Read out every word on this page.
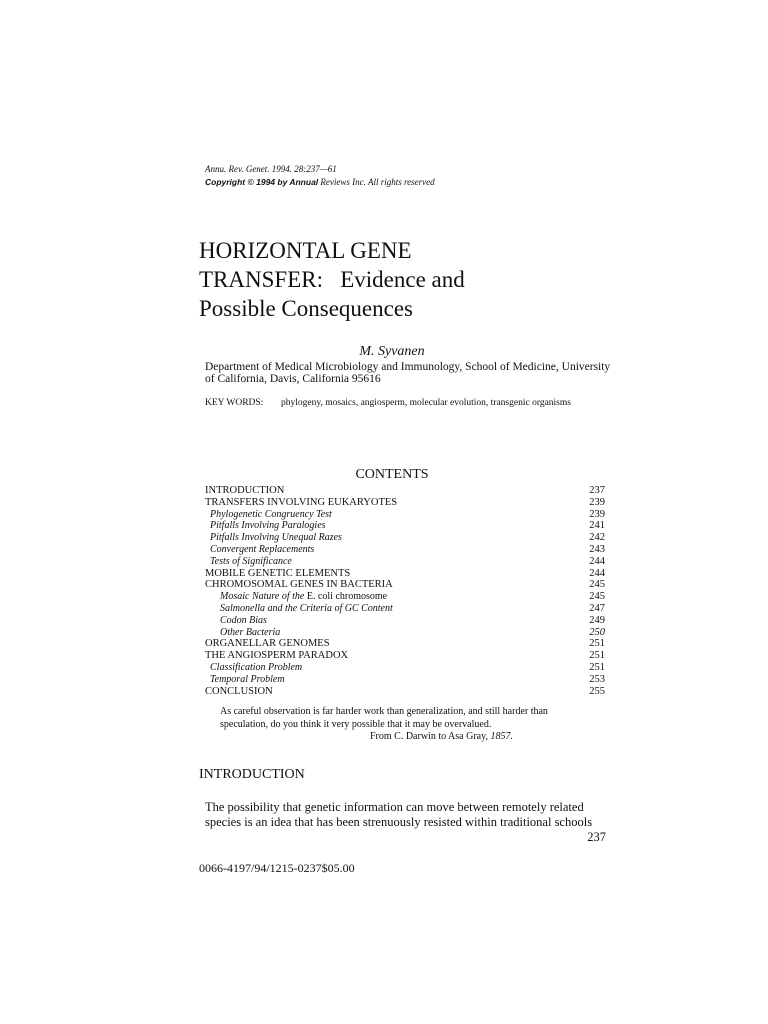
Annu. Rev. Genet. 1994. 28:237—61
Copyright © 1994 by Annual Reviews Inc. All rights reserved
HORIZONTAL GENE
TRANSFER:   Evidence and
Possible Consequences
M. Syvanen
Department of Medical Microbiology and Immunology, School of Medicine, University of California, Davis, California 95616
KEY WORDS: phylogeny, mosaics, angiosperm, molecular evolution, transgenic organisms
CONTENTS
INTRODUCTION	237
TRANSFERS INVOLVING EUKARYOTES	239
Phylogenetic Congruency Test	239
Pitfalls Involving Paralogies	241
Pitfalls Involving Unequal Razes	242
Convergent Replacements	243
Tests of Significance	244
MOBILE GENETIC ELEMENTS	244
CHROMOSOMAL GENES IN BACTERIA	245
Mosaic Nature of the E. coli chromosome	245
Salmonella and the Criteria of GC Content	247
Codon Bias	249
Other Bacteria	250
ORGANELLAR GENOMES	251
THE ANGIOSPERM PARADOX	251
Classification Problem	251
Temporal Problem	253
CONCLUSION	255
As careful observation is far harder work than generalization, and still harder than
speculation, do you think it very possible that it may be overvalued.
From C. Darwin to Asa Gray, 1857.
INTRODUCTION
The possibility that genetic information can move between remotely related species is an idea that has been strenuously resisted within traditional schools
237
0066-4197/94/1215-0237$05.00
